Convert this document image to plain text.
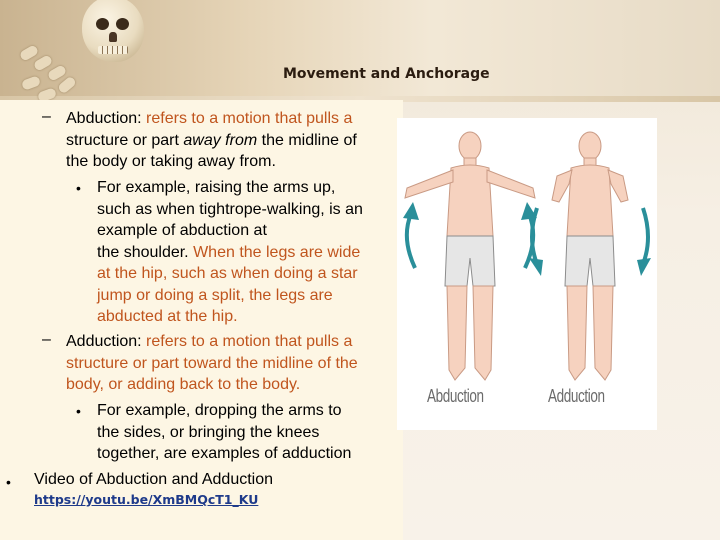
Movement and Anchorage
– Abduction: refers to a motion that pulls a
structure or part away from the midline of
the body or taking away from.
• For example, raising the arms up,
such as when tightrope-walking, is an
example of abduction at
the shoulder. When the legs are wide
at the hip, such as when doing a star
jump or doing a split, the legs are
abducted at the hip.
– Adduction: refers to a motion that pulls a
structure or part toward the midline of the
body, or adding back to the body.
• For example, dropping the arms to
the sides, or bringing the knees
together, are examples of adduction
• Video of Abduction and Adduction
https://youtu.be/XmBMQcT1_KU
Abduction	Adduction
